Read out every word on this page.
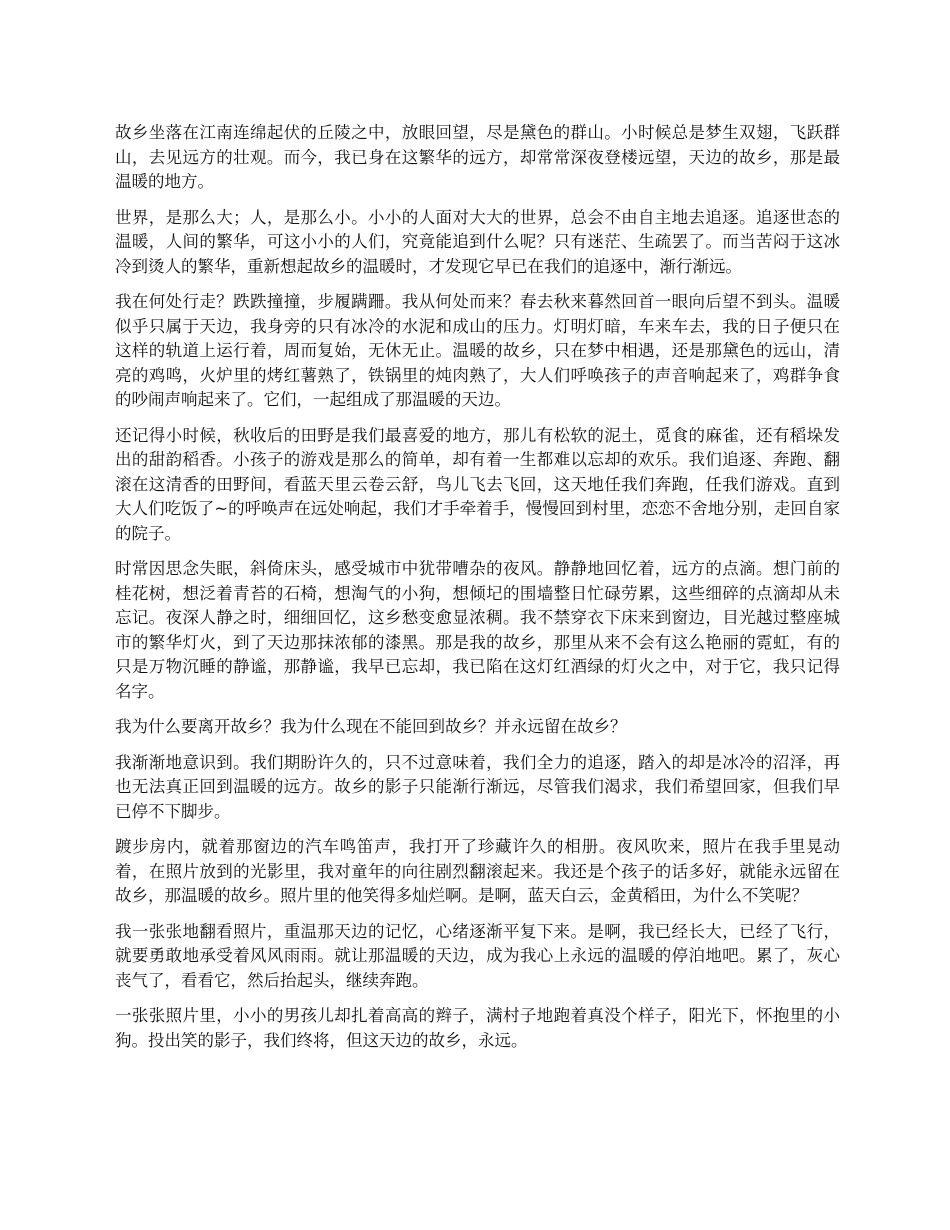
故乡坐落在江南连绵起伏的丘陵之中，放眼回望，尽是黛色的群山。小时候总是梦生双翅，飞跃群山，去见远方的壮观。而今，我已身在这繁华的远方，却常常深夜登楼远望，天边的故乡，那是最温暖的地方。

世界，是那么大；人，是那么小。小小的人面对大大的世界，总会不由自主地去追逐。追逐世态的温暖，人间的繁华，可这小小的人们，究竟能追到什么呢？只有迷茫、生疏罢了。而当苦闷于这冰冷到烫人的繁华，重新想起故乡的温暖时，才发现它早已在我们的追逐中，渐行渐远。

我在何处行走？跌跌撞撞，步履蹒跚。我从何处而来？春去秋来暮然回首一眼向后望不到头。温暖似乎只属于天边，我身旁的只有冰冷的水泥和成山的压力。灯明灯暗，车来车去，我的日子便只在这样的轨道上运行着，周而复始，无休无止。温暖的故乡，只在梦中相遇，还是那黛色的远山，清亮的鸡鸣，火炉里的烤红薯熟了，铁锅里的炖肉熟了，大人们呼唤孩子的声音响起来了，鸡群争食的吵闹声响起来了。它们，一起组成了那温暖的天边。

还记得小时候，秋收后的田野是我们最喜爱的地方，那儿有松软的泥土，觅食的麻雀，还有稻垛发出的甜韵稻香。小孩子的游戏是那么的简单，却有着一生都难以忘却的欢乐。我们追逐、奔跑、翻滚在这清香的田野间，看蓝天里云卷云舒，鸟儿飞去飞回，这天地任我们奔跑，任我们游戏。直到大人们吃饭了~的呼唤声在远处响起，我们才手牵着手，慢慢回到村里，恋恋不舍地分别，走回自家的院子。

时常因思念失眠，斜倚床头，感受城市中犹带嘈杂的夜风。静静地回忆着，远方的点滴。想门前的桂花树，想泛着青苔的石椅，想淘气的小狗，想倾圮的围墙整日忙碌劳累，这些细碎的点滴却从未忘记。夜深人静之时，细细回忆，这乡愁变愈显浓稠。我不禁穿衣下床来到窗边，目光越过整座城市的繁华灯火，到了天边那抹浓郁的漆黑。那是我的故乡，那里从来不会有这么艳丽的霓虹，有的只是万物沉睡的静谧，那静谧，我早已忘却，我已陷在这灯红酒绿的灯火之中，对于它，我只记得名字。

我为什么要离开故乡？我为什么现在不能回到故乡？并永远留在故乡？

我渐渐地意识到。我们期盼许久的，只不过意味着，我们全力的追逐，踏入的却是冰冷的沼泽，再也无法真正回到温暖的远方。故乡的影子只能渐行渐远，尽管我们渴求，我们希望回家，但我们早已停不下脚步。

踱步房内，就着那窗边的汽车鸣笛声，我打开了珍藏许久的相册。夜风吹来，照片在我手里晃动着，在照片放到的光影里，我对童年的向往剧烈翻滚起来。我还是个孩子的话多好，就能永远留在故乡，那温暖的故乡。照片里的他笑得多灿烂啊。是啊，蓝天白云，金黄稻田，为什么不笑呢？

我一张张地翻看照片，重温那天边的记忆，心绪逐渐平复下来。是啊，我已经长大，已经了飞行，就要勇敢地承受着风风雨雨。就让那温暖的天边，成为我心上永远的温暖的停泊地吧。累了，灰心丧气了，看看它，然后抬起头，继续奔跑。

一张张照片里，小小的男孩儿却扎着高高的辫子，满村子地跑着真没个样子，阳光下，怀抱里的小狗。投出笑的影子，我们终将，但这天边的故乡，永远。
